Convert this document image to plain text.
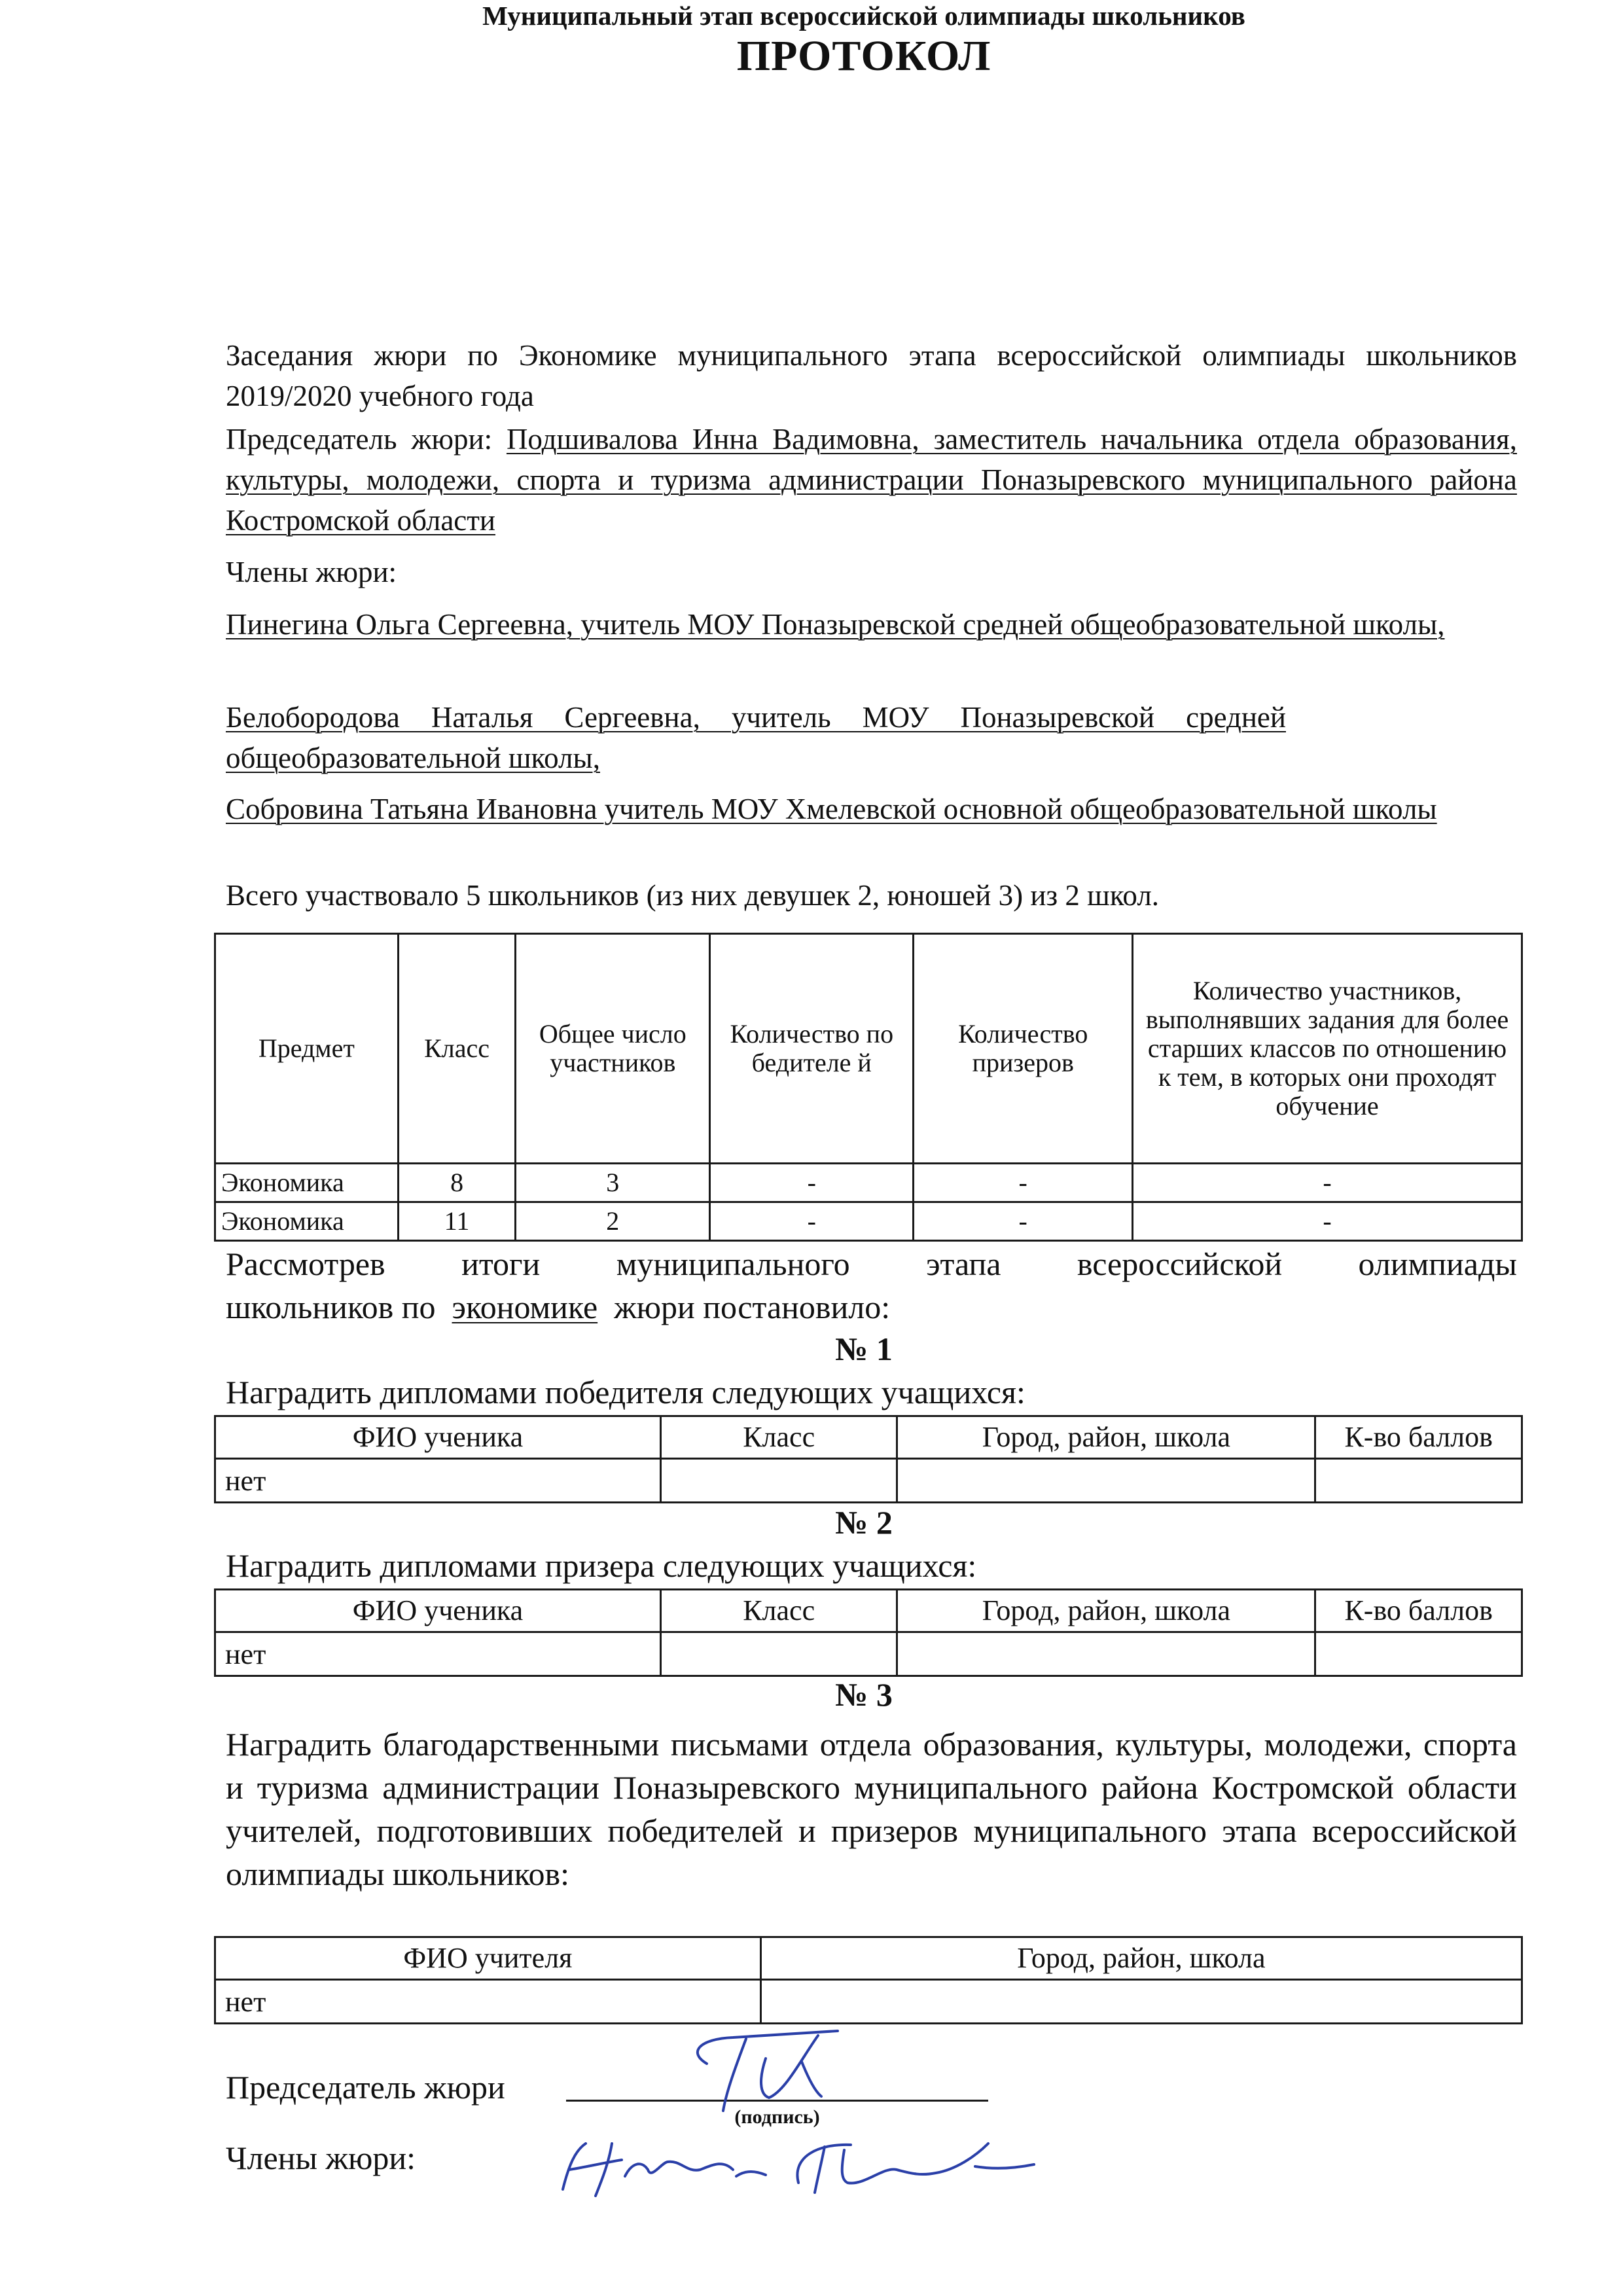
Муниципальный этап всероссийской олимпиады школьников
ПРОТОКОЛ
Заседания жюри по Экономике муниципального этапа всероссийской олимпиады школьников 2019/2020 учебного года
Председатель жюри: Подшивалова Инна Вадимовна, заместитель начальника отдела образования, культуры, молодежи, спорта и туризма администрации Поназыревского муниципального района Костромской области
Члены жюри:
Пинегина Ольга Сергеевна, учитель МОУ Поназыревской средней общеобразовательной школы,
Белобородова Наталья Сергеевна, учитель МОУ Поназыревской средней общеобразовательной школы,
Собровина Татьяна Ивановна учитель МОУ Хмелевской основной общеобразовательной школы
Всего участвовало 5 школьников (из них девушек 2, юношей 3) из 2 школ.
Предмет	Класс	Общее число участников	Количество победителе й	Количество призеров	Количество участников, выполнявших задания для более старших классов по отношению к тем, в которых они проходят обучение
Экономика	8	3	-	-	-
Экономика	11	2	-	-	-
Рассмотрев итоги муниципального этапа всероссийской олимпиады
школьников по экономике жюри постановило:
№ 1
Наградить дипломами победителя следующих учащихся:
ФИО ученика	Класс	Город, район, школа	К-во баллов
нет			
№ 2
Наградить дипломами призера следующих учащихся:
ФИО ученика	Класс	Город, район, школа	К-во баллов
нет			
№ 3
Наградить благодарственными письмами отдела образования, культуры, молодежи, спорта и туризма администрации Поназыревского муниципального района Костромской области учителей, подготовивших победителей и призеров муниципального этапа всероссийской олимпиады школьников:
ФИО учителя	Город, район, школа
нет	
Председатель жюри
(подпись)
Члены жюри:
